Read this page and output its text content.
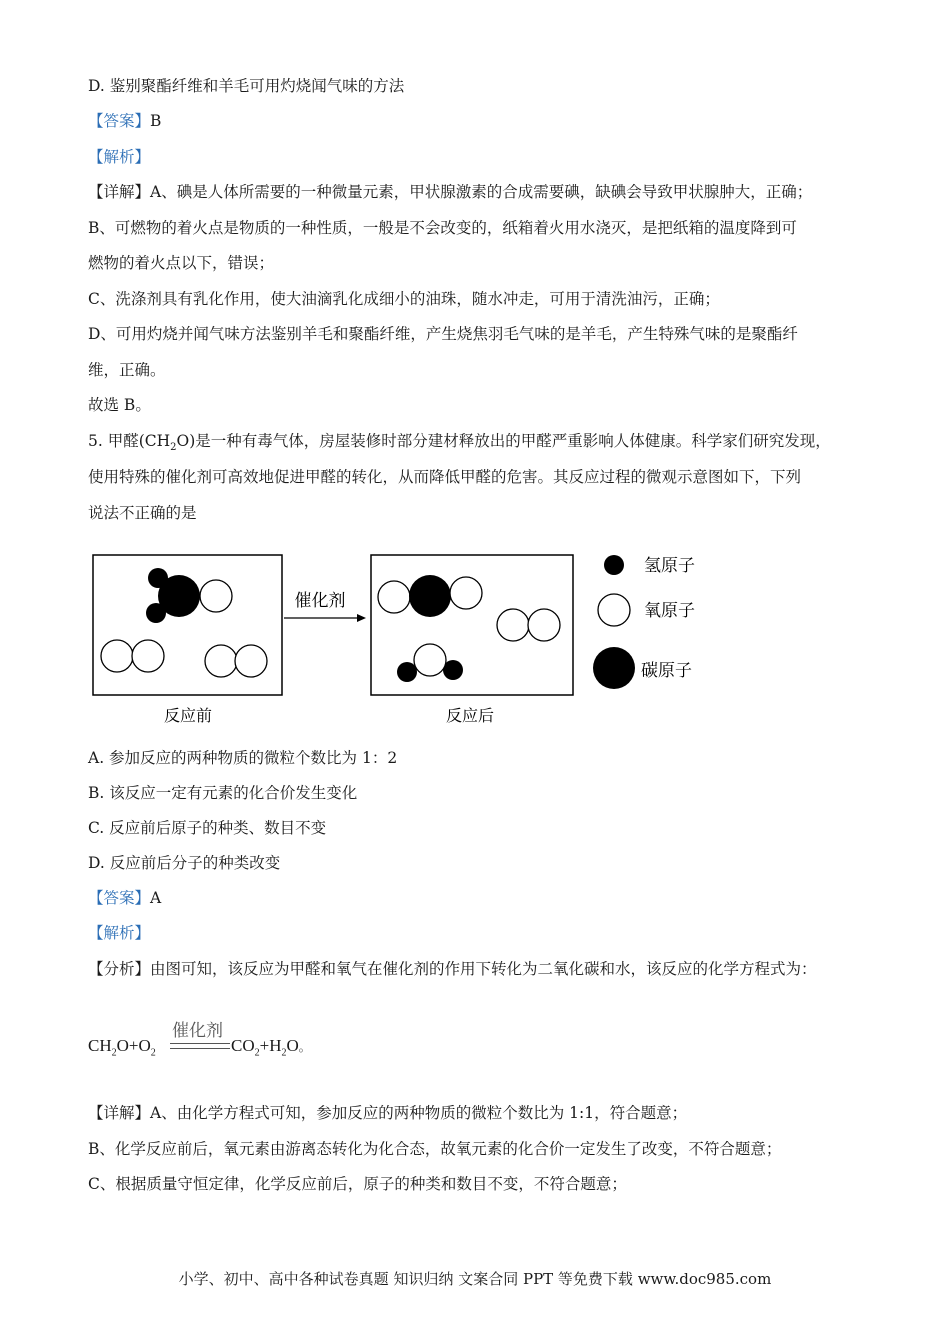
D. 鉴别聚酯纤维和羊毛可用灼烧闻气味的方法
【答案】B
【解析】
【详解】A、碘是人体所需要的一种微量元素，甲状腺激素的合成需要碘，缺碘会导致甲状腺肿大，正确；
B、可燃物的着火点是物质的一种性质，一般是不会改变的，纸箱着火用水浇灭，是把纸箱的温度降到可
燃物的着火点以下，错误；
C、洗涤剂具有乳化作用，使大油滴乳化成细小的油珠，随水冲走，可用于清洗油污，正确；
D、可用灼烧并闻气味方法鉴别羊毛和聚酯纤维，产生烧焦羽毛气味的是羊毛，产生特殊气味的是聚酯纤
维，正确。
故选 B。
5. 甲醛$(CH_2O)$是一种有毒气体，房屋装修时部分建材释放出的甲醛严重影响人体健康。科学家们研究发现，
使用特殊的催化剂可高效地促进甲醛的转化，从而降低甲醛的危害。其反应过程的微观示意图如下，下列
说法不正确的是
催化剂
氢原子
氧原子
碳原子
反应前	反应后
A. 参加反应的两种物质的微粒个数比为 1：2
B. 该反应一定有元素的化合价发生变化
C. 反应前后原子的种类、数目不变
D. 反应前后分子的种类改变
【答案】A
【解析】
【分析】由图可知，该反应为甲醛和氧气在催化剂的作用下转化为二氧化碳和水，该反应的化学方程式为：
催化剂
$CH_2O+O_2$	$CO_2+H_2O$。
【详解】A、由化学方程式可知，参加反应的两种物质的微粒个数比为 1:1，符合题意；
B、化学反应前后，氧元素由游离态转化为化合态，故氧元素的化合价一定发生了改变，不符合题意；
C、根据质量守恒定律，化学反应前后，原子的种类和数目不变，不符合题意；
小学、初中、高中各种试卷真题 知识归纳 文案合同 PPT 等免费下载 www.doc985.com
